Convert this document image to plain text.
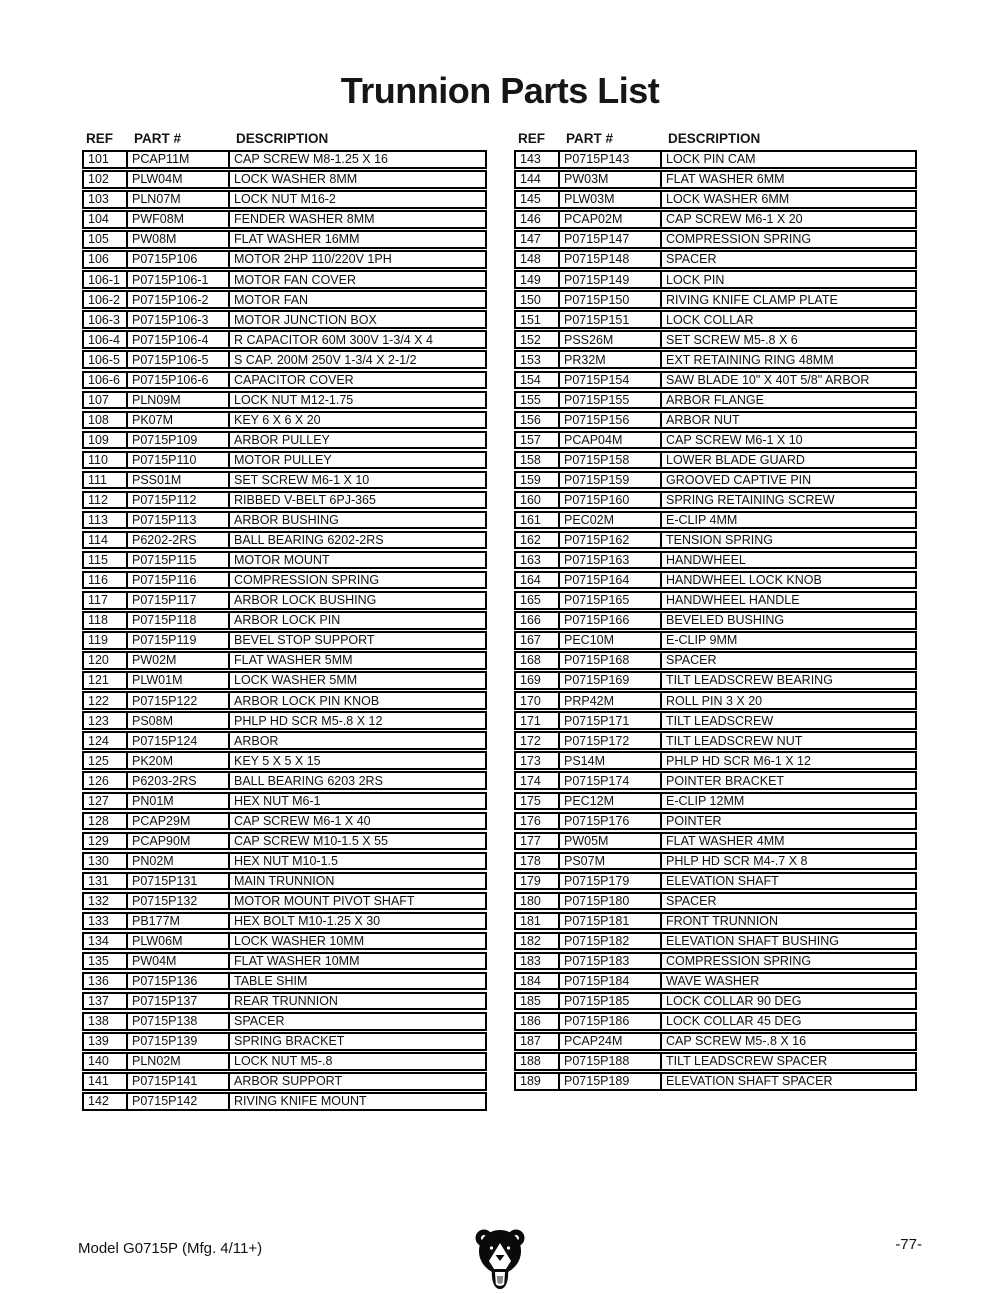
Trunnion Parts List
REF	PART #	DESCRIPTION
101	PCAP11M	CAP SCREW M8-1.25 X 16
102	PLW04M	LOCK WASHER 8MM
103	PLN07M	LOCK NUT M16-2
104	PWF08M	FENDER WASHER 8MM
105	PW08M	FLAT WASHER 16MM
106	P0715P106	MOTOR 2HP 110/220V 1PH
106-1 P0715P106-1	MOTOR FAN COVER
106-2 P0715P106-2	MOTOR FAN
106-3 P0715P106-3	MOTOR JUNCTION BOX
106-4 P0715P106-4	R CAPACITOR 60M 300V 1-3/4 X 4
106-5 P0715P106-5	S CAP. 200M 250V 1-3/4 X 2-1/2
106-6 P0715P106-6	CAPACITOR COVER
107	PLN09M	LOCK NUT M12-1.75
108	PK07M	KEY 6 X 6 X 20
109	P0715P109	ARBOR PULLEY
110	P0715P110	MOTOR PULLEY
111	PSS01M	SET SCREW M6-1 X 10
112	P0715P112	RIBBED V-BELT 6PJ-365
113	P0715P113	ARBOR BUSHING
114	P6202-2RS	BALL BEARING 6202-2RS
115	P0715P115	MOTOR MOUNT
116	P0715P116	COMPRESSION SPRING
117	P0715P117	ARBOR LOCK BUSHING
118	P0715P118	ARBOR LOCK PIN
119	P0715P119	BEVEL STOP SUPPORT
120	PW02M	FLAT WASHER 5MM
121	PLW01M	LOCK WASHER 5MM
122	P0715P122	ARBOR LOCK PIN KNOB
123	PS08M	PHLP HD SCR M5-.8 X 12
124	P0715P124	ARBOR
125	PK20M	KEY 5 X 5 X 15
126	P6203-2RS	BALL BEARING 6203 2RS
127	PN01M	HEX NUT M6-1
128	PCAP29M	CAP SCREW M6-1 X 40
129	PCAP90M	CAP SCREW M10-1.5 X 55
130	PN02M	HEX NUT M10-1.5
131	P0715P131	MAIN TRUNNION
132	P0715P132	MOTOR MOUNT PIVOT SHAFT
133	PB177M	HEX BOLT M10-1.25 X 30
134	PLW06M	LOCK WASHER 10MM
135	PW04M	FLAT WASHER 10MM
136	P0715P136	TABLE SHIM
137	P0715P137	REAR TRUNNION
138	P0715P138	SPACER
139	P0715P139	SPRING BRACKET
140	PLN02M	LOCK NUT M5-.8
141	P0715P141	ARBOR SUPPORT
142	P0715P142	RIVING KNIFE MOUNT
REF	PART #	DESCRIPTION
143	P0715P143	LOCK PIN CAM
144	PW03M	FLAT WASHER 6MM
145	PLW03M	LOCK WASHER 6MM
146	PCAP02M	CAP SCREW M6-1 X 20
147	P0715P147	COMPRESSION SPRING
148	P0715P148	SPACER
149	P0715P149	LOCK PIN
150	P0715P150	RIVING KNIFE CLAMP PLATE
151	P0715P151	LOCK COLLAR
152	PSS26M	SET SCREW M5-.8 X 6
153	PR32M	EXT RETAINING RING 48MM
154	P0715P154	SAW BLADE 10" X 40T 5/8" ARBOR
155	P0715P155	ARBOR FLANGE
156	P0715P156	ARBOR NUT
157	PCAP04M	CAP SCREW M6-1 X 10
158	P0715P158	LOWER BLADE GUARD
159	P0715P159	GROOVED CAPTIVE PIN
160	P0715P160	SPRING RETAINING SCREW
161	PEC02M	E-CLIP 4MM
162	P0715P162	TENSION SPRING
163	P0715P163	HANDWHEEL
164	P0715P164	HANDWHEEL LOCK KNOB
165	P0715P165	HANDWHEEL HANDLE
166	P0715P166	BEVELED BUSHING
167	PEC10M	E-CLIP 9MM
168	P0715P168	SPACER
169	P0715P169	TILT LEADSCREW BEARING
170	PRP42M	ROLL PIN 3 X 20
171	P0715P171	TILT LEADSCREW
172	P0715P172	TILT LEADSCREW NUT
173	PS14M	PHLP HD SCR M6-1 X 12
174	P0715P174	POINTER BRACKET
175	PEC12M	E-CLIP 12MM
176	P0715P176	POINTER
177	PW05M	FLAT WASHER 4MM
178	PS07M	PHLP HD SCR M4-.7 X 8
179	P0715P179	ELEVATION SHAFT
180	P0715P180	SPACER
181	P0715P181	FRONT TRUNNION
182	P0715P182	ELEVATION SHAFT BUSHING
183	P0715P183	COMPRESSION SPRING
184	P0715P184	WAVE WASHER
185	P0715P185	LOCK COLLAR 90 DEG
186	P0715P186	LOCK COLLAR 45 DEG
187	PCAP24M	CAP SCREW M5-.8 X 16
188	P0715P188	TILT LEADSCREW SPACER
189	P0715P189	ELEVATION SHAFT SPACER
Model G0715P (Mfg. 4/11+)	-77-
